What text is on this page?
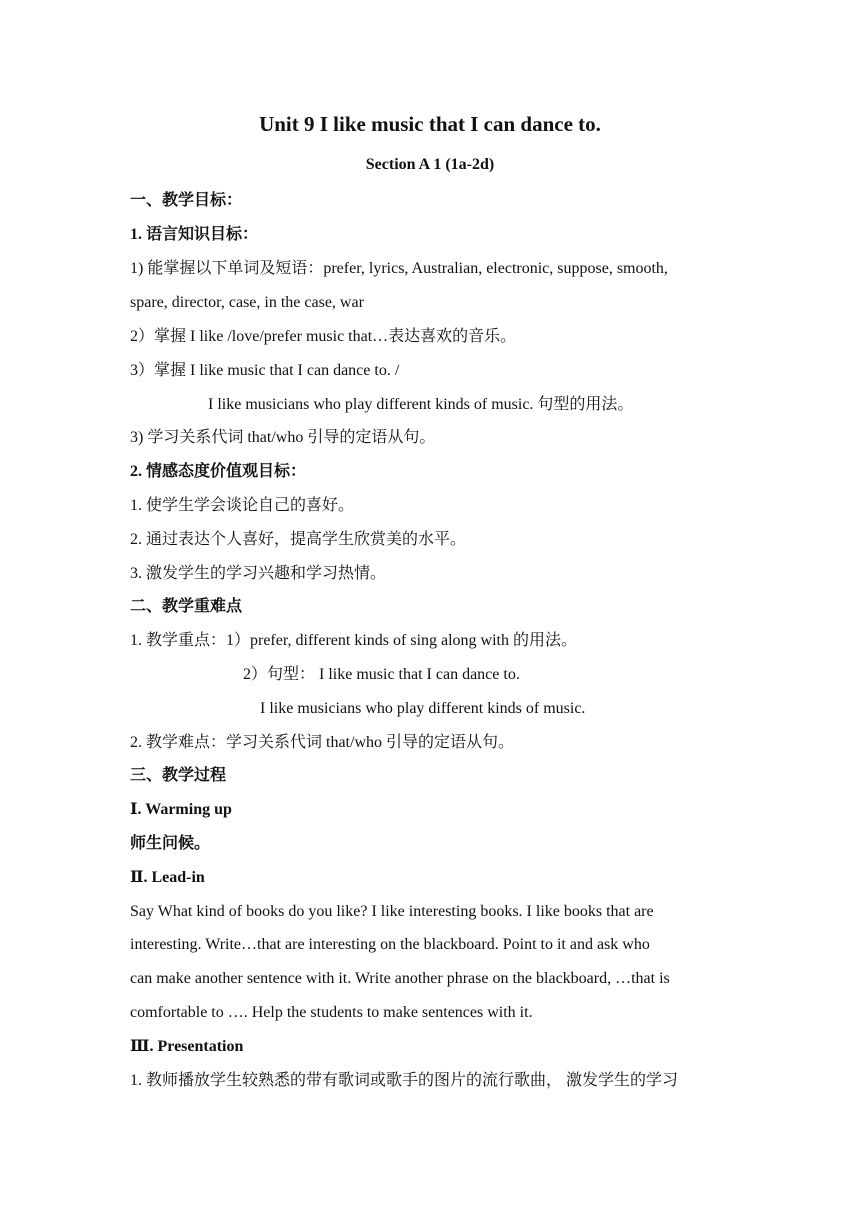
Unit 9 I like music that I can dance to.
Section A 1 (1a-2d)
一、教学目标：
1. 语言知识目标：
1) 能掌握以下单词及短语：prefer, lyrics, Australian, electronic, suppose, smooth,
spare, director, case, in the case, war
2）掌握 I like /love/prefer music that…表达喜欢的音乐。
3）掌握 I like music that I can dance to. /
I like musicians who play different kinds of music. 句型的用法。
3) 学习关系代词 that/who 引导的定语从句。
2. 情感态度价值观目标：
1. 使学生学会谈论自己的喜好。
2. 通过表达个人喜好，提高学生欣赏美的水平。
3. 激发学生的学习兴趣和学习热情。
二、教学重难点
1. 教学重点：1）prefer, different kinds of sing along with 的用法。
2）句型： I like music that I can dance to.
I like musicians who play different kinds of music.
2. 教学难点：学习关系代词 that/who 引导的定语从句。
三、教学过程
Ⅰ. Warming up
师生问候。
Ⅱ. Lead-in
Say What kind of books do you like? I like interesting books. I like books that are
interesting. Write…that are interesting on the blackboard. Point to it and ask who
can make another sentence with it. Write another phrase on the blackboard, …that is
comfortable to …. Help the students to make sentences with it.
Ⅲ. Presentation
1. 教师播放学生较熟悉的带有歌词或歌手的图片的流行歌曲， 激发学生的学习
